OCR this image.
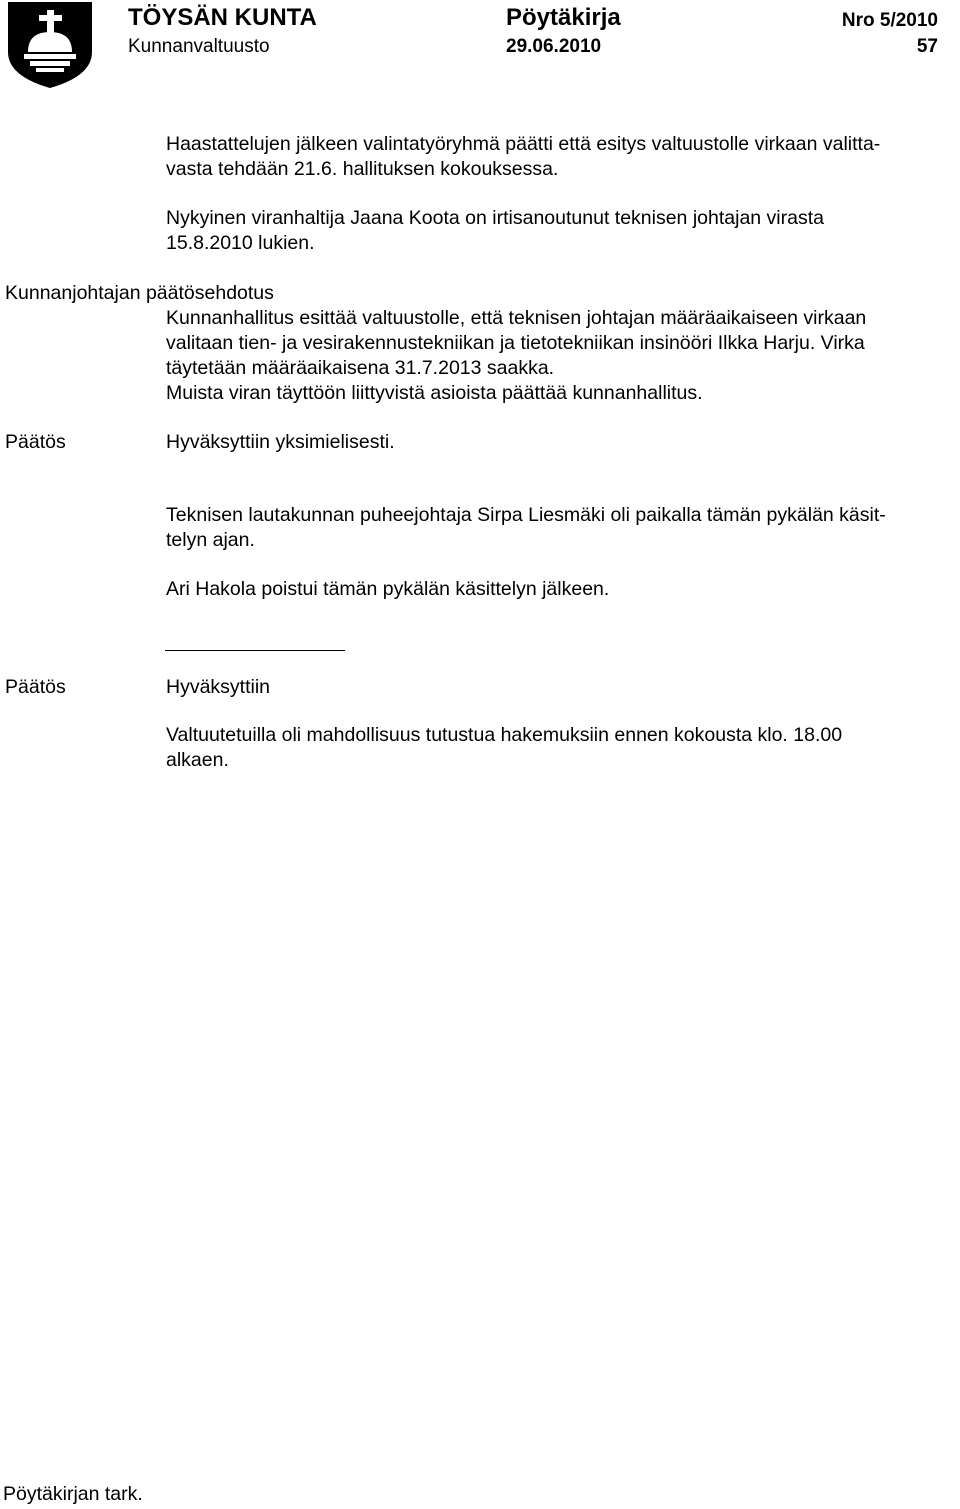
TÖYSÄN KUNTA
Kunnanvaltuusto
Pöytäkirja
29.06.2010
Nro 5/2010
57
Haastattelujen jälkeen valintatyöryhmä päätti että esitys valtuustolle virkaan valitta-
vasta tehdään 21.6. hallituksen kokouksessa.
Nykyinen viranhaltija Jaana Koota on irtisanoutunut teknisen johtajan virasta
15.8.2010 lukien.
Kunnanjohtajan päätösehdotus
Kunnanhallitus esittää valtuustolle, että teknisen johtajan määräaikaiseen virkaan
valitaan tien- ja vesirakennustekniikan ja tietotekniikan insinööri Ilkka Harju. Virka
täytetään määräaikaisena 31.7.2013 saakka.
Muista viran täyttöön liittyvistä asioista päättää kunnanhallitus.
Päätös	Hyväksyttiin yksimielisesti.
Teknisen lautakunnan puheejohtaja Sirpa Liesmäki oli paikalla tämän pykälän käsit-
telyn ajan.
Ari Hakola poistui tämän pykälän käsittelyn jälkeen.
Päätös	Hyväksyttiin
Valtuutetuilla oli mahdollisuus tutustua hakemuksiin ennen kokousta klo. 18.00
alkaen.
Pöytäkirjan tark.
